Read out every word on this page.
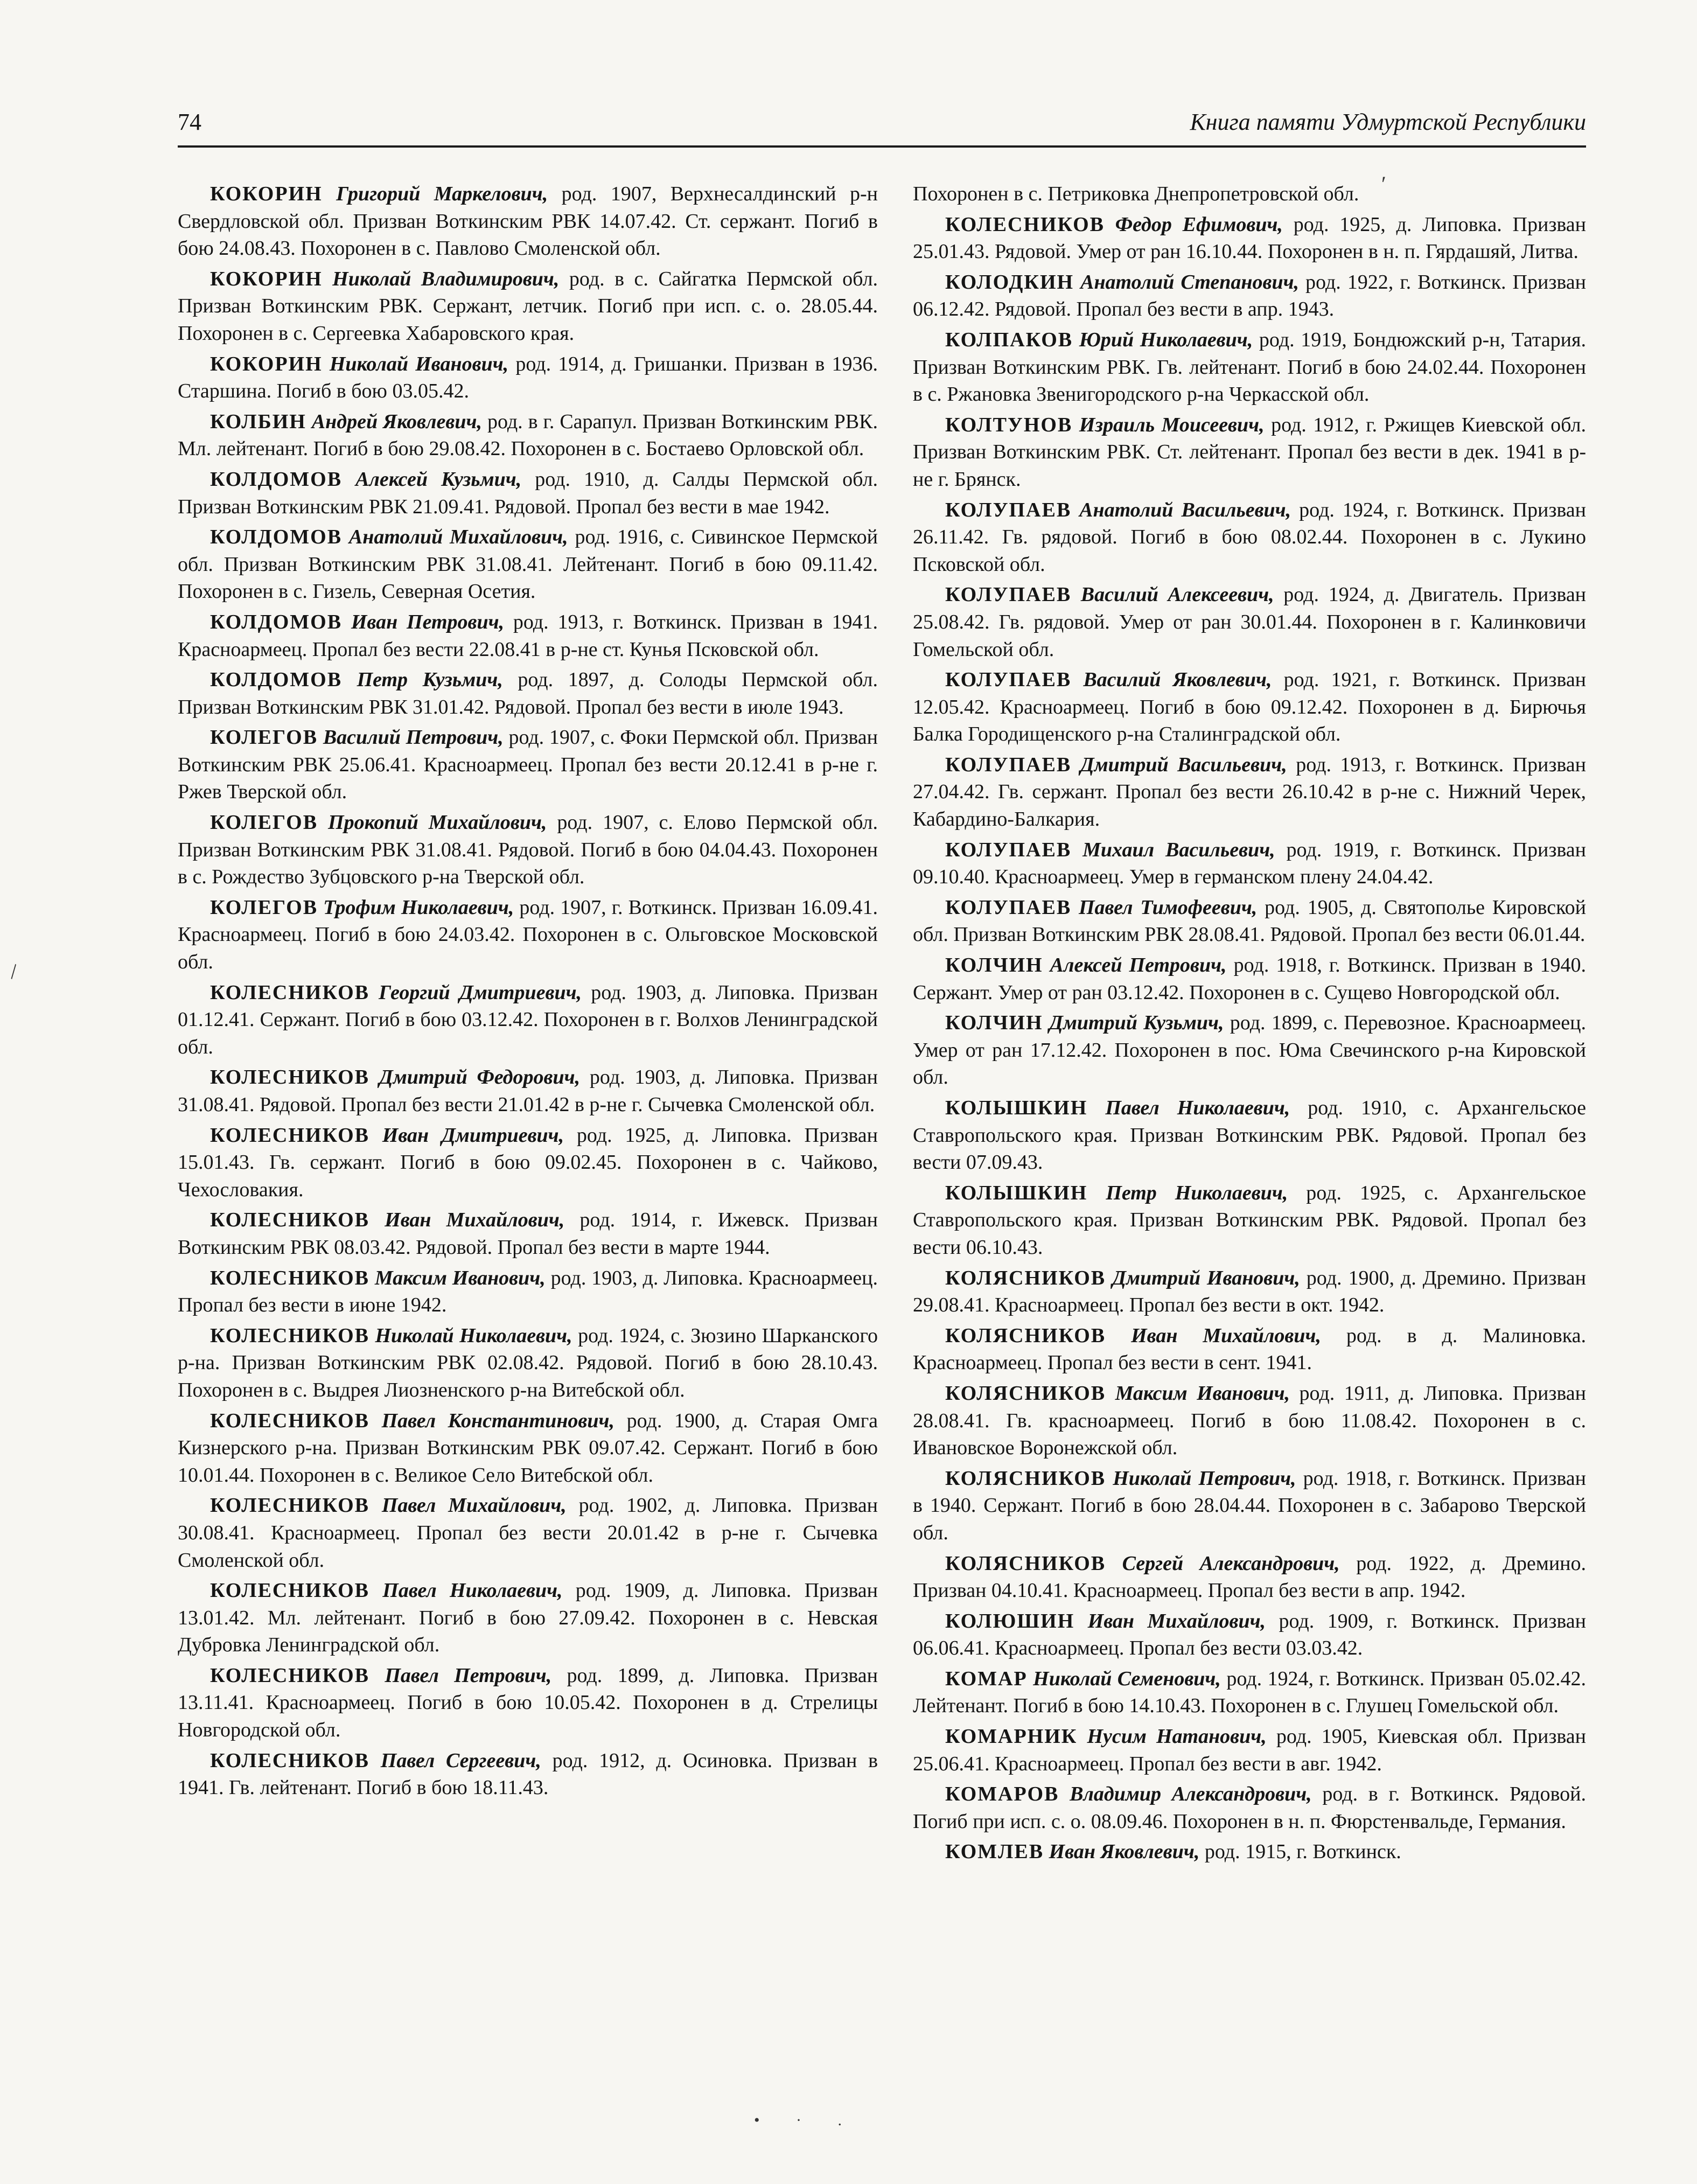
74	Книга памяти Удмуртской Республики

КОКОРИН Григорий Маркелович, род. 1907, Верхнесалдинский р-н Свердловской обл. Призван Воткинским РВК 14.07.42. Ст. сержант. Погиб в бою 24.08.43. Похоронен в с. Павлово Смоленской обл.

КОКОРИН Николай Владимирович, род. в с. Сайгатка Пермской обл. Призван Воткинским РВК. Сержант, летчик. Погиб при исп. с. о. 28.05.44. Похоронен в с. Сергеевка Хабаровского края.

КОКОРИН Николай Иванович, род. 1914, д. Гришанки. Призван в 1936. Старшина. Погиб в бою 03.05.42.

КОЛБИН Андрей Яковлевич, род. в г. Сарапул. Призван Воткинским РВК. Мл. лейтенант. Погиб в бою 29.08.42. Похоронен в с. Бостаево Орловской обл.

КОЛДОМОВ Алексей Кузьмич, род. 1910, д. Салды Пермской обл. Призван Воткинским РВК 21.09.41. Рядовой. Пропал без вести в мае 1942.

КОЛДОМОВ Анатолий Михайлович, род. 1916, с. Сивинское Пермской обл. Призван Воткинским РВК 31.08.41. Лейтенант. Погиб в бою 09.11.42. Похоронен в с. Гизель, Северная Осетия.

КОЛДОМОВ Иван Петрович, род. 1913, г. Воткинск. Призван в 1941. Красноармеец. Пропал без вести 22.08.41 в р-не ст. Кунья Псковской обл.

КОЛДОМОВ Петр Кузьмич, род. 1897, д. Солоды Пермской обл. Призван Воткинским РВК 31.01.42. Рядовой. Пропал без вести в июле 1943.

КОЛЕГОВ Василий Петрович, род. 1907, с. Фоки Пермской обл. Призван Воткинским РВК 25.06.41. Красноармеец. Пропал без вести 20.12.41 в р-не г. Ржев Тверской обл.

КОЛЕГОВ Прокопий Михайлович, род. 1907, с. Елово Пермской обл. Призван Воткинским РВК 31.08.41. Рядовой. Погиб в бою 04.04.43. Похоронен в с. Рождество Зубцовского р-на Тверской обл.

КОЛЕГОВ Трофим Николаевич, род. 1907, г. Воткинск. Призван 16.09.41. Красноармеец. Погиб в бою 24.03.42. Похоронен в с. Ольговское Московской обл.

КОЛЕСНИКОВ Георгий Дмитриевич, род. 1903, д. Липовка. Призван 01.12.41. Сержант. Погиб в бою 03.12.42. Похоронен в г. Волхов Ленинградской обл.

КОЛЕСНИКОВ Дмитрий Федорович, род. 1903, д. Липовка. Призван 31.08.41. Рядовой. Пропал без вести 21.01.42 в р-не г. Сычевка Смоленской обл.

КОЛЕСНИКОВ Иван Дмитриевич, род. 1925, д. Липовка. Призван 15.01.43. Гв. сержант. Погиб в бою 09.02.45. Похоронен в с. Чайково, Чехословакия.

КОЛЕСНИКОВ Иван Михайлович, род. 1914, г. Ижевск. Призван Воткинским РВК 08.03.42. Рядовой. Пропал без вести в марте 1944.

КОЛЕСНИКОВ Максим Иванович, род. 1903, д. Липовка. Красноармеец. Пропал без вести в июне 1942.

КОЛЕСНИКОВ Николай Николаевич, род. 1924, с. Зюзино Шарканского р-на. Призван Воткинским РВК 02.08.42. Рядовой. Погиб в бою 28.10.43. Похоронен в с. Выдрея Лиозненского р-на Витебской обл.

КОЛЕСНИКОВ Павел Константинович, род. 1900, д. Старая Омга Кизнерского р-на. Призван Воткинским РВК 09.07.42. Сержант. Погиб в бою 10.01.44. Похоронен в с. Великое Село Витебской обл.

КОЛЕСНИКОВ Павел Михайлович, род. 1902, д. Липовка. Призван 30.08.41. Красноармеец. Пропал без вести 20.01.42 в р-не г. Сычевка Смоленской обл.

КОЛЕСНИКОВ Павел Николаевич, род. 1909, д. Липовка. Призван 13.01.42. Мл. лейтенант. Погиб в бою 27.09.42. Похоронен в с. Невская Дубровка Ленинградской обл.

КОЛЕСНИКОВ Павел Петрович, род. 1899, д. Липовка. Призван 13.11.41. Красноармеец. Погиб в бою 10.05.42. Похоронен в д. Стрелицы Новгородской обл.

КОЛЕСНИКОВ Павел Сергеевич, род. 1912, д. Осиновка. Призван в 1941. Гв. лейтенант. Погиб в бою 18.11.43.

Похоронен в с. Петриковка Днепропетровской обл.

КОЛЕСНИКОВ Федор Ефимович, род. 1925, д. Липовка. Призван 25.01.43. Рядовой. Умер от ран 16.10.44. Похоронен в н. п. Гярдашяй, Литва.

КОЛОДКИН Анатолий Степанович, род. 1922, г. Воткинск. Призван 06.12.42. Рядовой. Пропал без вести в апр. 1943.

КОЛПАКОВ Юрий Николаевич, род. 1919, Бондюжский р-н, Татария. Призван Воткинским РВК. Гв. лейтенант. Погиб в бою 24.02.44. Похоронен в с. Ржановка Звенигородского р-на Черкасской обл.

КОЛТУНОВ Израиль Моисеевич, род. 1912, г. Ржищев Киевской обл. Призван Воткинским РВК. Ст. лейтенант. Пропал без вести в дек. 1941 в р-не г. Брянск.

КОЛУПАЕВ Анатолий Васильевич, род. 1924, г. Воткинск. Призван 26.11.42. Гв. рядовой. Погиб в бою 08.02.44. Похоронен в с. Лукино Псковской обл.

КОЛУПАЕВ Василий Алексеевич, род. 1924, д. Двигатель. Призван 25.08.42. Гв. рядовой. Умер от ран 30.01.44. Похоронен в г. Калинковичи Гомельской обл.

КОЛУПАЕВ Василий Яковлевич, род. 1921, г. Воткинск. Призван 12.05.42. Красноармеец. Погиб в бою 09.12.42. Похоронен в д. Бирючья Балка Городищенского р-на Сталинградской обл.

КОЛУПАЕВ Дмитрий Васильевич, род. 1913, г. Воткинск. Призван 27.04.42. Гв. сержант. Пропал без вести 26.10.42 в р-не с. Нижний Черек, Кабардино-Балкария.

КОЛУПАЕВ Михаил Васильевич, род. 1919, г. Воткинск. Призван 09.10.40. Красноармеец. Умер в германском плену 24.04.42.

КОЛУПАЕВ Павел Тимофеевич, род. 1905, д. Святополье Кировской обл. Призван Воткинским РВК 28.08.41. Рядовой. Пропал без вести 06.01.44.

КОЛЧИН Алексей Петрович, род. 1918, г. Воткинск. Призван в 1940. Сержант. Умер от ран 03.12.42. Похоронен в с. Сущево Новгородской обл.

КОЛЧИН Дмитрий Кузьмич, род. 1899, с. Перевозное. Красноармеец. Умер от ран 17.12.42. Похоронен в пос. Юма Свечинского р-на Кировской обл.

КОЛЫШКИН Павел Николаевич, род. 1910, с. Архангельское Ставропольского края. Призван Воткинским РВК. Рядовой. Пропал без вести 07.09.43.

КОЛЫШКИН Петр Николаевич, род. 1925, с. Архангельское Ставропольского края. Призван Воткинским РВК. Рядовой. Пропал без вести 06.10.43.

КОЛЯСНИКОВ Дмитрий Иванович, род. 1900, д. Дремино. Призван 29.08.41. Красноармеец. Пропал без вести в окт. 1942.

КОЛЯСНИКОВ Иван Михайлович, род. в д. Малиновка. Красноармеец. Пропал без вести в сент. 1941.

КОЛЯСНИКОВ Максим Иванович, род. 1911, д. Липовка. Призван 28.08.41. Гв. красноармеец. Погиб в бою 11.08.42. Похоронен в с. Ивановское Воронежской обл.

КОЛЯСНИКОВ Николай Петрович, род. 1918, г. Воткинск. Призван в 1940. Сержант. Погиб в бою 28.04.44. Похоронен в с. Забарово Тверской обл.

КОЛЯСНИКОВ Сергей Александрович, род. 1922, д. Дремино. Призван 04.10.41. Красноармеец. Пропал без вести в апр. 1942.

КОЛЮШИН Иван Михайлович, род. 1909, г. Воткинск. Призван 06.06.41. Красноармеец. Пропал без вести 03.03.42.

КОМАР Николай Семенович, род. 1924, г. Воткинск. Призван 05.02.42. Лейтенант. Погиб в бою 14.10.43. Похоронен в с. Глушец Гомельской обл.

КОМАРНИК Нусим Натанович, род. 1905, Киевская обл. Призван 25.06.41. Красноармеец. Пропал без вести в авг. 1942.

КОМАРОВ Владимир Александрович, род. в г. Воткинск. Рядовой. Погиб при исп. с. о. 08.09.46. Похоронен в н. п. Фюрстенвальде, Германия.

КОМЛЕВ Иван Яковлевич, род. 1915, г. Воткинск.

ʹ
\
• · .
